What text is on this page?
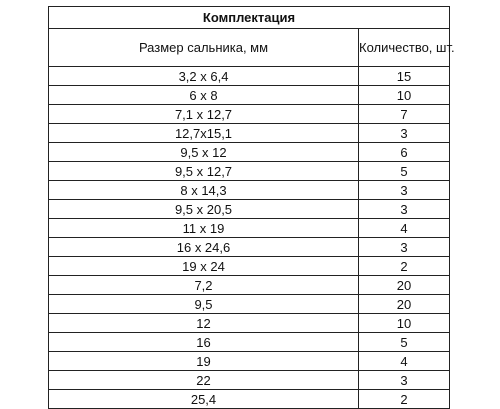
Комплектация	
Размер сальника, мм	Количество, шт.
3,2 х 6,4	15
6 х 8	10
7,1 х 12,7	7
12,7х15,1	3
9,5 х 12	6
9,5 х 12,7	5
8 х 14,3	3
9,5 х 20,5	3
11 х 19	4
16 х 24,6	3
19 х 24	2
7,2	20
9,5	20
12	10
16	5
19	4
22	3
25,4	2
